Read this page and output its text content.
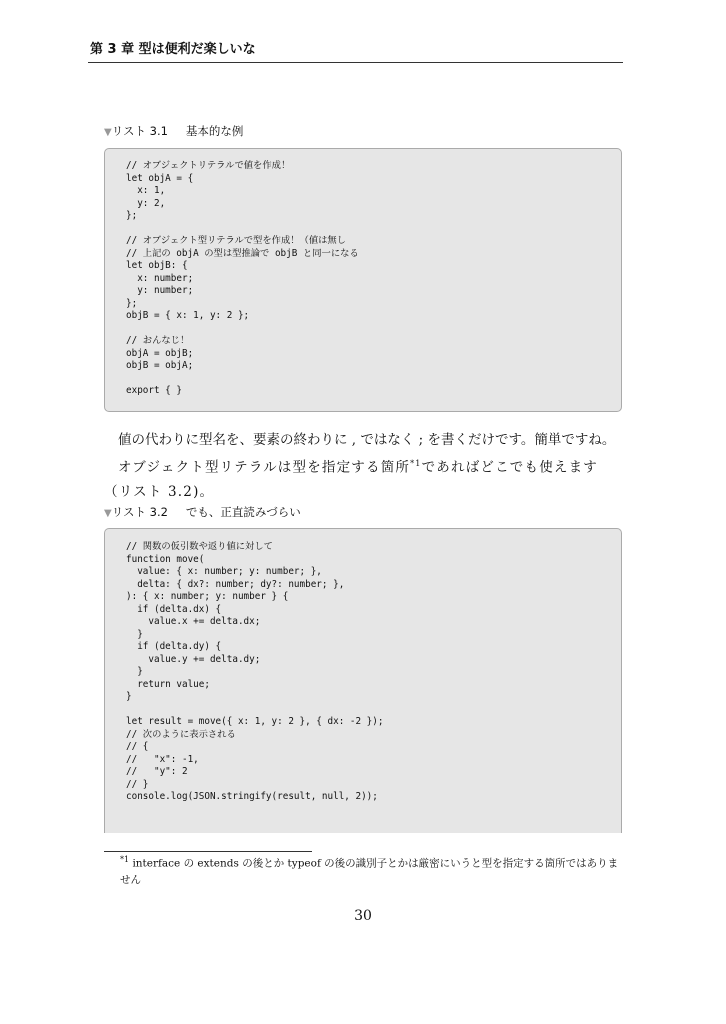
第 3 章 型は便利だ楽しいな
▼リスト 3.1 基本的な例
// オブジェクトリテラルで値を作成！
let objA = {
x: 1,
y: 2,
};
// オブジェクト型リテラルで型を作成！（値は無し
// 上記の objA の型は型推論で objB と同一になる
let objB: {
x: number;
y: number;
};
objB = { x: 1, y: 2 };
// おんなじ！
objA = objB;
objB = objA;
export { }
値の代わりに型名を、要素の終わりに , ではなく ; を書くだけです。簡単ですね。
オブジェクト型リテラルは型を指定する箇所$^{*1}$であればどこでも使えます（リスト 3.2)。
▼リスト 3.2 でも、正直読みづらい
// 関数の仮引数や返り値に対して
function move(
value: { x: number; y: number; },
delta: { dx?: number; dy?: number; },
): { x: number; y: number } {
if (delta.dx) {
value.x += delta.dx;
}
if (delta.dy) {
value.y += delta.dy;
}
return value;
}
let result = move({ x: 1, y: 2 }, { dx: -2 });
// 次のように表示される
// {
//   "x": -1,
//   "y": 2
// }
console.log(JSON.stringify(result, null, 2));
$^{*1}$ interface の extends の後とか typeof の後の識別子とかは厳密にいうと型を指定する箇所ではありません
30
